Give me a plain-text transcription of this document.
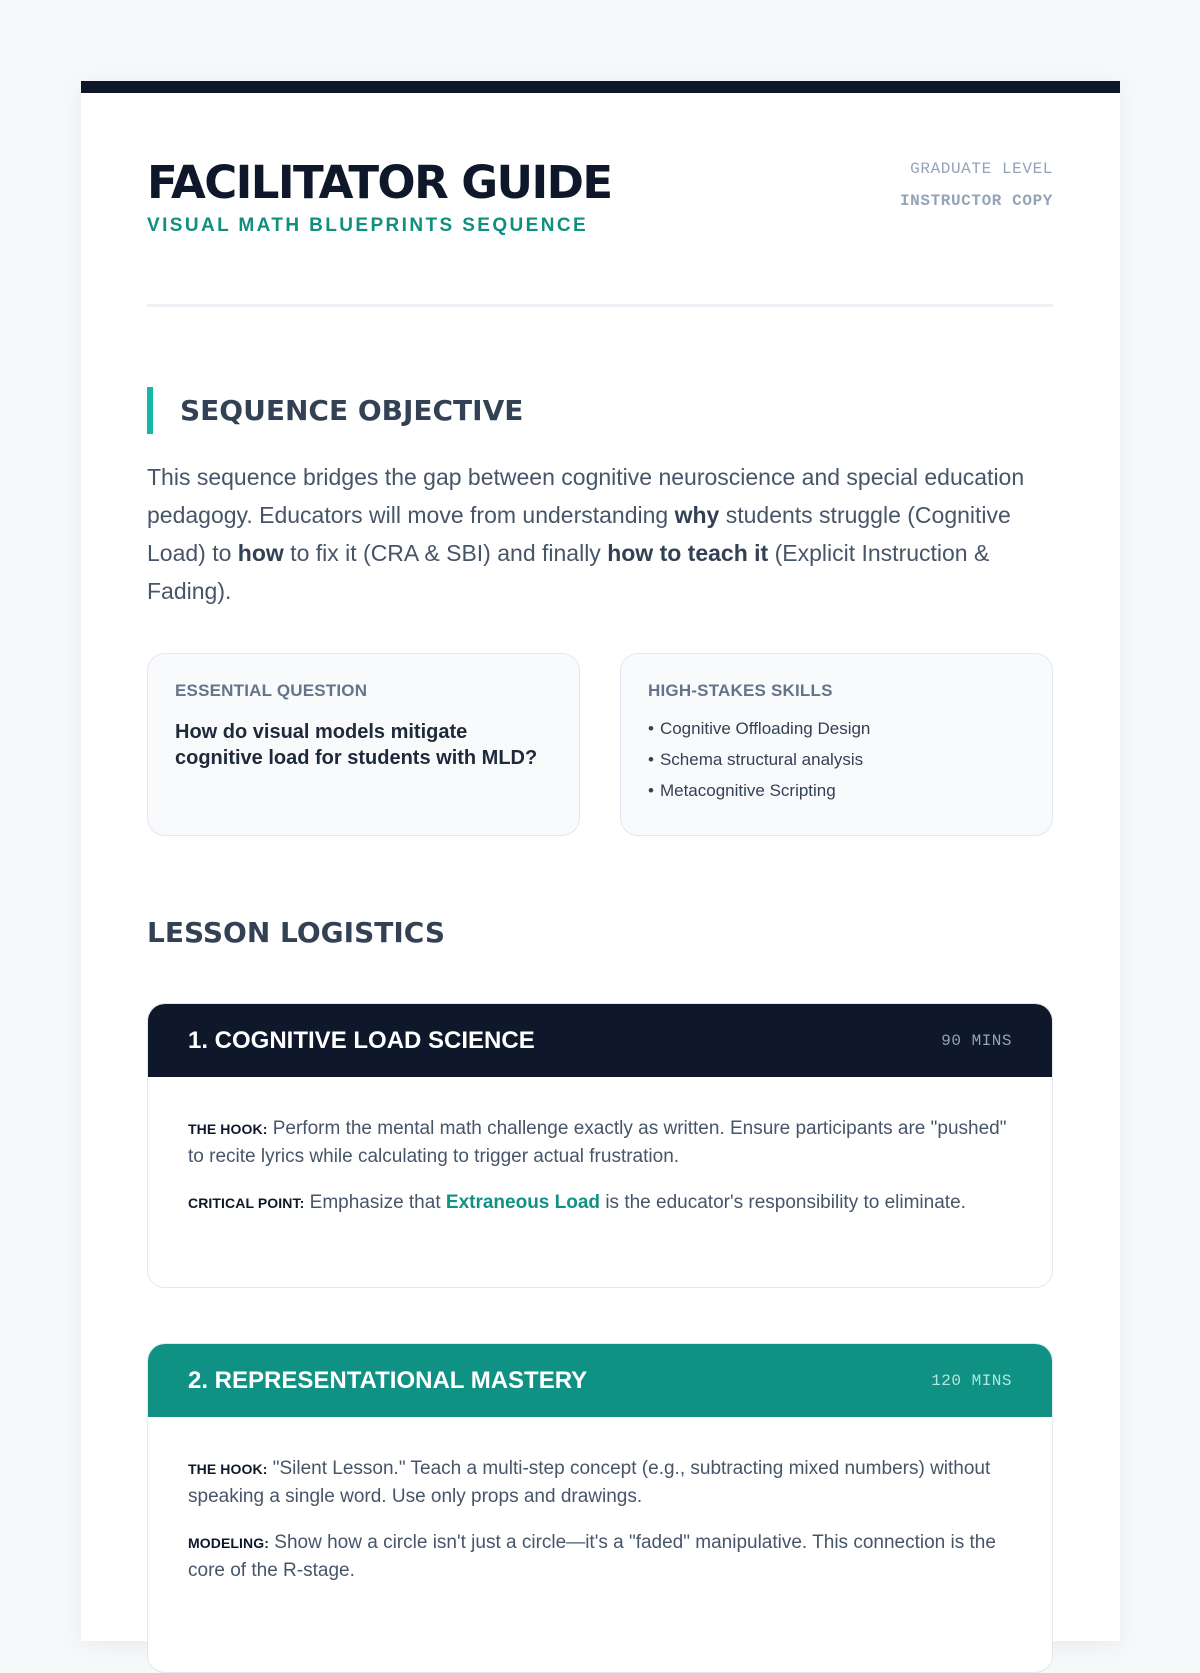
FACILITATOR GUIDE
VISUAL MATH BLUEPRINTS SEQUENCE
GRADUATE LEVEL
INSTRUCTOR COPY
SEQUENCE OBJECTIVE
This sequence bridges the gap between cognitive neuroscience and special education pedagogy. Educators will move from understanding why students struggle (Cognitive Load) to how to fix it (CRA & SBI) and finally how to teach it (Explicit Instruction & Fading).
ESSENTIAL QUESTION
How do visual models mitigate cognitive load for students with MLD?
HIGH-STAKES SKILLS
• Cognitive Offloading Design
• Schema structural analysis
• Metacognitive Scripting
LESSON LOGISTICS
1. COGNITIVE LOAD SCIENCE	90 MINS

THE HOOK: Perform the mental math challenge exactly as written. Ensure participants are "pushed" to recite lyrics while calculating to trigger actual frustration.

CRITICAL POINT: Emphasize that Extraneous Load is the educator's responsibility to eliminate.

2. REPRESENTATIONAL MASTERY	120 MINS

THE HOOK: "Silent Lesson." Teach a multi-step concept (e.g., subtracting mixed numbers) without speaking a single word. Use only props and drawings.

MODELING: Show how a circle isn't just a circle—it's a "faded" manipulative. This connection is the core of the R-stage.
